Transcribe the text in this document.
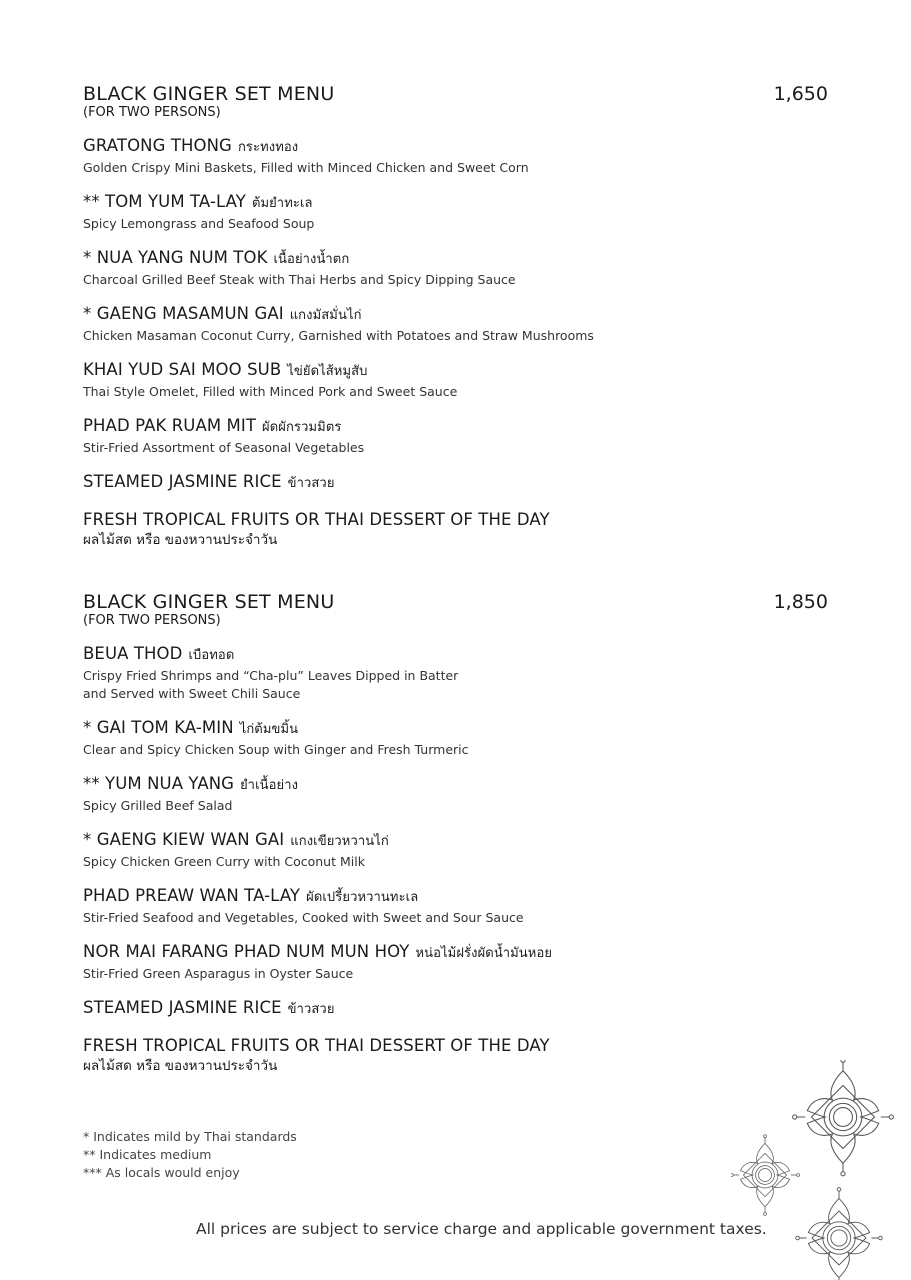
BLACK GINGER SET MENU	1,650
(FOR TWO PERSONS)
GRATONG THONG กระทงทอง
Golden Crispy Mini Baskets, Filled with Minced Chicken and Sweet Corn
** TOM YUM TA-LAY ต้มยำทะเล
Spicy Lemongrass and Seafood Soup
* NUA YANG NUM TOK เนื้อย่างน้ำตก
Charcoal Grilled Beef Steak with Thai Herbs and Spicy Dipping Sauce
* GAENG MASAMUN GAI แกงมัสมั่นไก่
Chicken Masaman Coconut Curry, Garnished with Potatoes and Straw Mushrooms
KHAI YUD SAI MOO SUB ไข่ยัดไส้หมูสับ
Thai Style Omelet, Filled with Minced Pork and Sweet Sauce
PHAD PAK RUAM MIT ผัดผักรวมมิตร
Stir-Fried Assortment of Seasonal Vegetables
STEAMED JASMINE RICE ข้าวสวย
FRESH TROPICAL FRUITS OR THAI DESSERT OF THE DAY
ผลไม้สด หรือ ของหวานประจำวัน
BLACK GINGER SET MENU	1,850
(FOR TWO PERSONS)
BEUA THOD เบือทอด
Crispy Fried Shrimps and “Cha-plu” Leaves Dipped in Batter
and Served with Sweet Chili Sauce
* GAI TOM KA-MIN ไก่ต้มขมิ้น
Clear and Spicy Chicken Soup with Ginger and Fresh Turmeric
** YUM NUA YANG ยำเนื้อย่าง
Spicy Grilled Beef Salad
* GAENG KIEW WAN GAI แกงเขียวหวานไก่
Spicy Chicken Green Curry with Coconut Milk
PHAD PREAW WAN TA-LAY ผัดเปรี้ยวหวานทะเล
Stir-Fried Seafood and Vegetables, Cooked with Sweet and Sour Sauce
NOR MAI FARANG PHAD NUM MUN HOY หน่อไม้ฝรั่งผัดน้ำมันหอย
Stir-Fried Green Asparagus in Oyster Sauce
STEAMED JASMINE RICE ข้าวสวย
FRESH TROPICAL FRUITS OR THAI DESSERT OF THE DAY
ผลไม้สด หรือ ของหวานประจำวัน
* Indicates mild by Thai standards
** Indicates medium
*** As locals would enjoy
All prices are subject to service charge and applicable government taxes.
